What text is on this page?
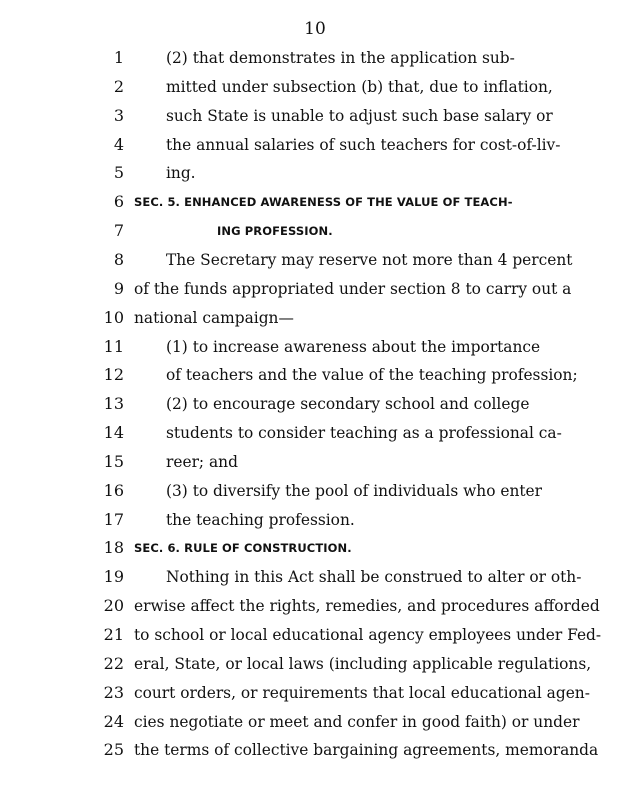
10
1	(2) that demonstrates in the application sub-
2	mitted under subsection (b) that, due to inflation,
3	such State is unable to adjust such base salary or
4	the annual salaries of such teachers for cost-of-liv-
5	ing.
6 SEC. 5. ENHANCED AWARENESS OF THE VALUE OF TEACH-
7	ING PROFESSION.
8	The Secretary may reserve not more than 4 percent
9 of the funds appropriated under section 8 to carry out a
10 national campaign—
11	(1) to increase awareness about the importance
12	of teachers and the value of the teaching profession;
13	(2) to encourage secondary school and college
14	students to consider teaching as a professional ca-
15	reer; and
16	(3) to diversify the pool of individuals who enter
17	the teaching profession.
18 SEC. 6. RULE OF CONSTRUCTION.
19	Nothing in this Act shall be construed to alter or oth-
20 erwise affect the rights, remedies, and procedures afforded
21 to school or local educational agency employees under Fed-
22 eral, State, or local laws (including applicable regulations,
23 court orders, or requirements that local educational agen-
24 cies negotiate or meet and confer in good faith) or under
25 the terms of collective bargaining agreements, memoranda
